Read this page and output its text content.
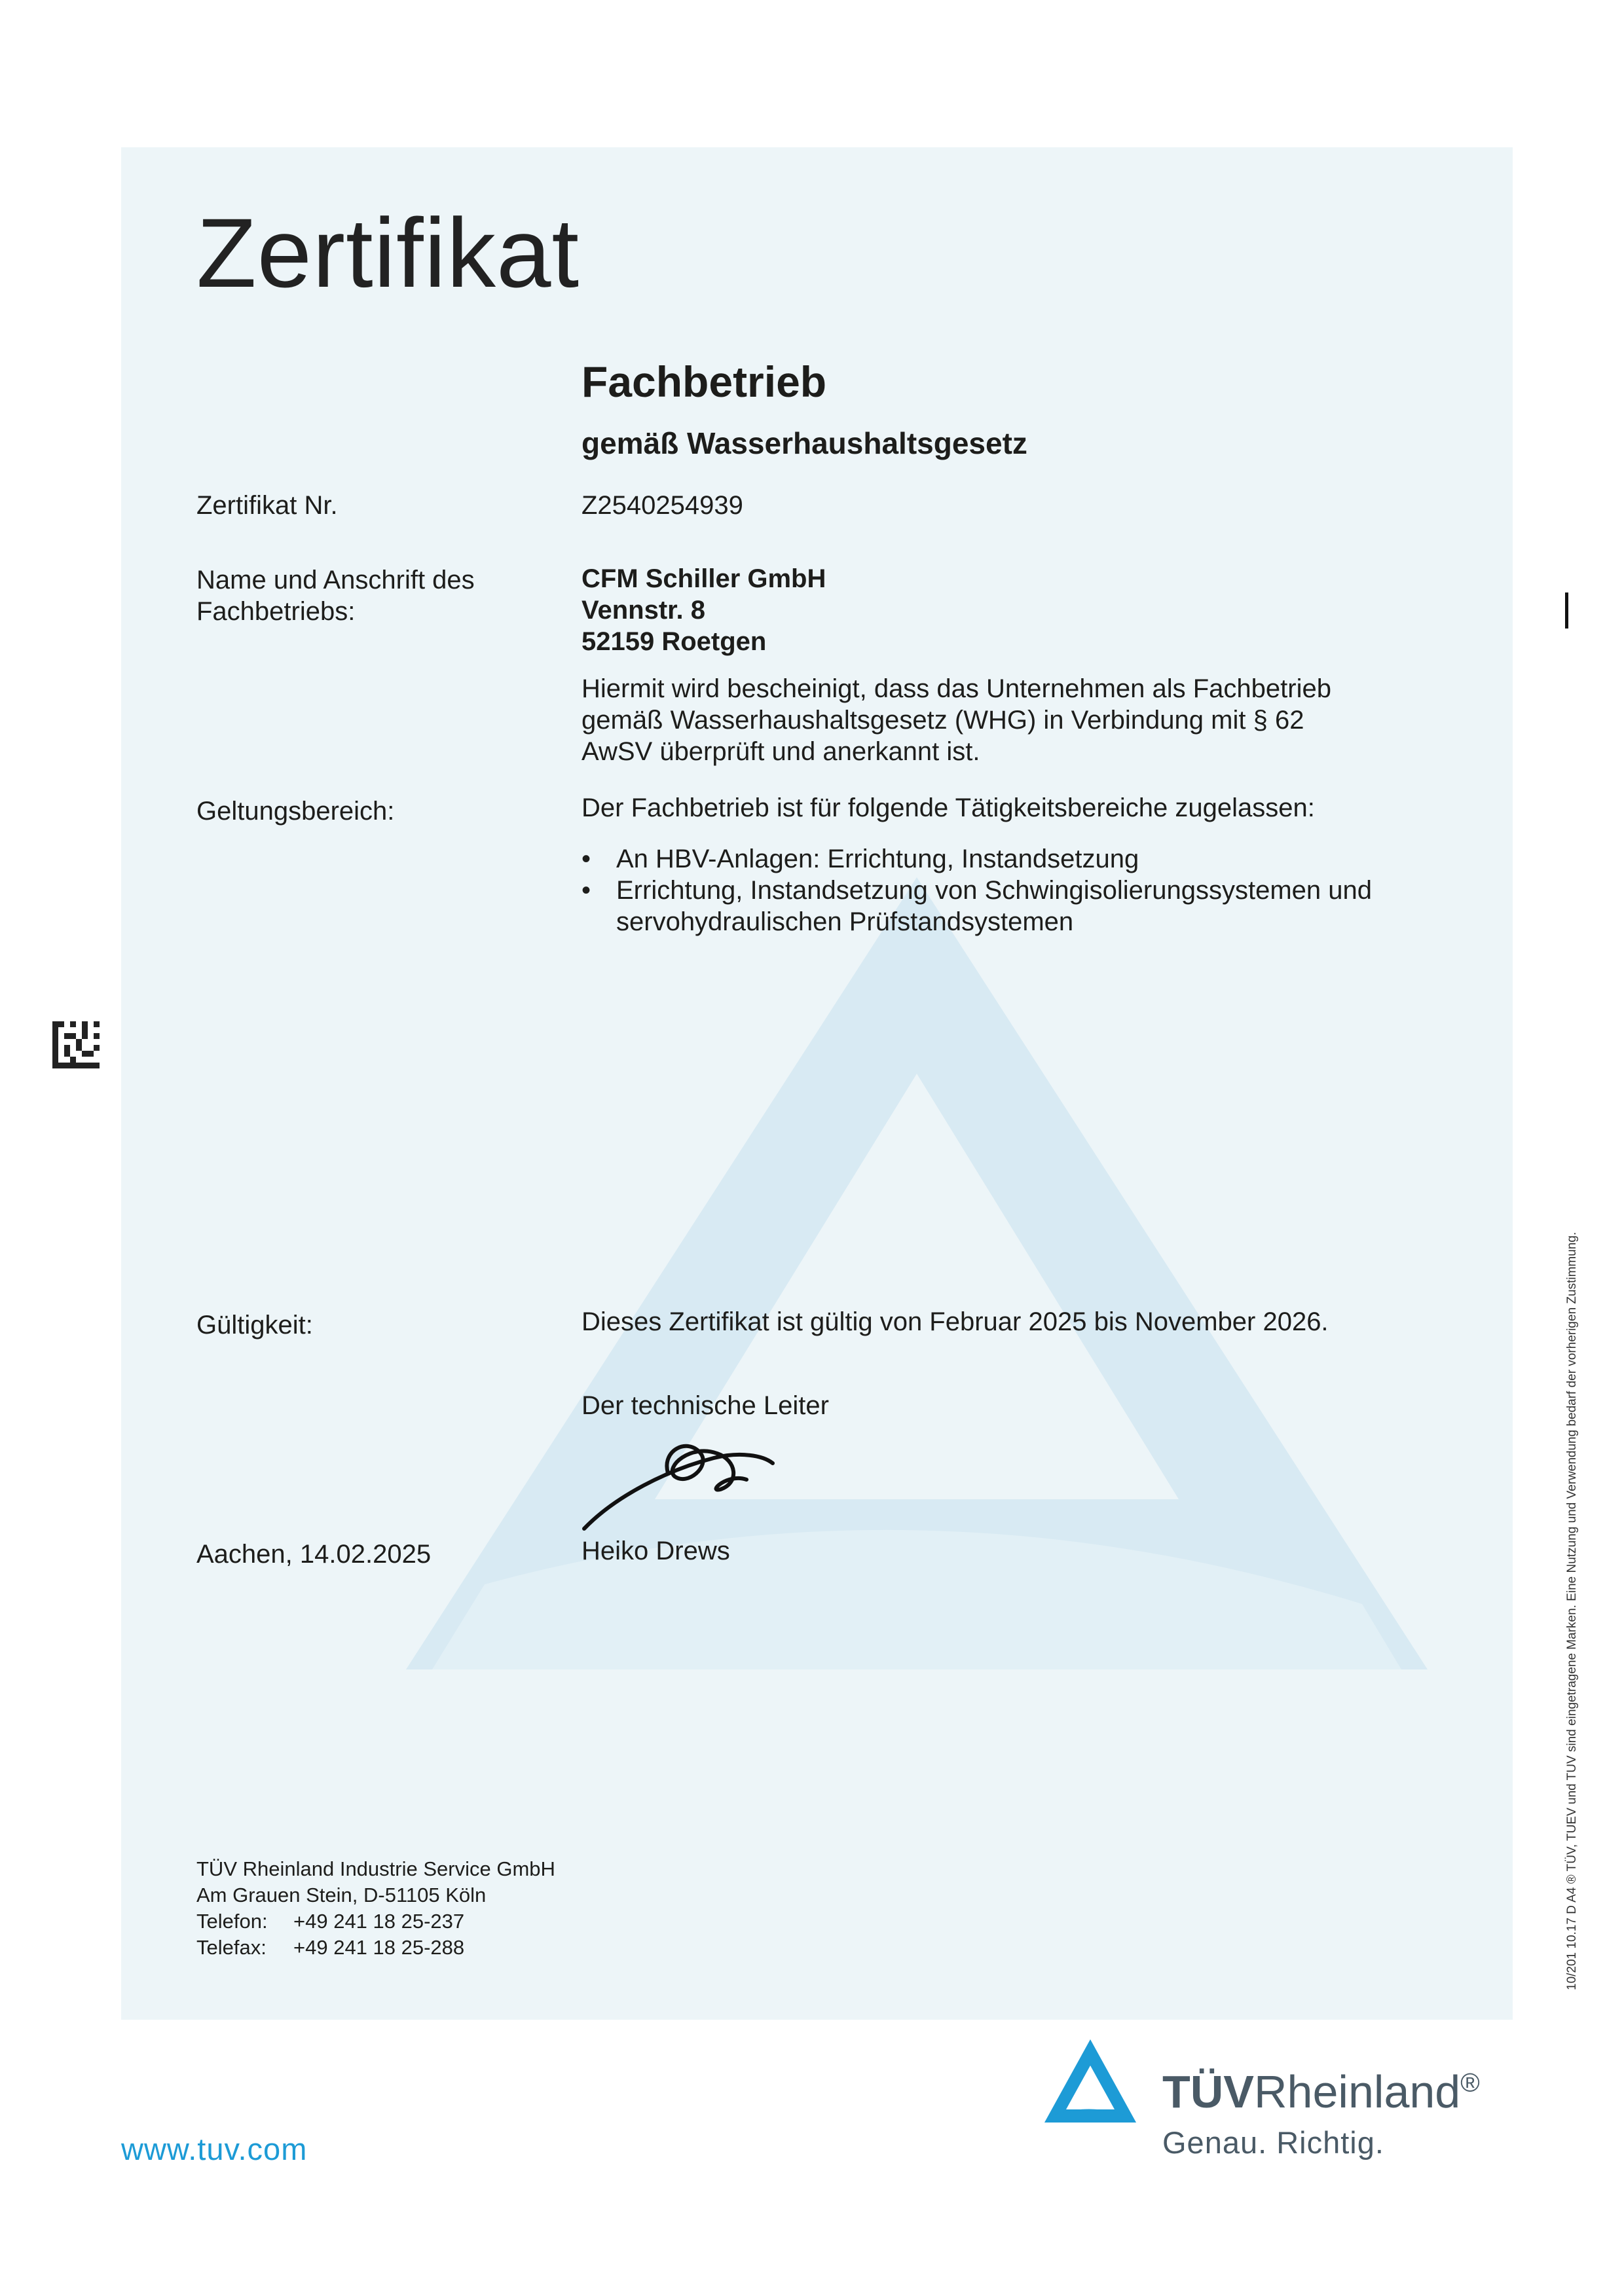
Zertifikat
Fachbetrieb
gemäß Wasserhaushaltsgesetz
Zertifikat Nr.	Z2540254939
Name und Anschrift des
Fachbetriebs:
CFM Schiller GmbH
Vennstr. 8
52159 Roetgen
Hiermit wird bescheinigt, dass das Unternehmen als Fachbetrieb
gemäß Wasserhaushaltsgesetz (WHG) in Verbindung mit § 62
AwSV überprüft und anerkannt ist.
Geltungsbereich:	Der Fachbetrieb ist für folgende Tätigkeitsbereiche zugelassen:
• An HBV-Anlagen: Errichtung, Instandsetzung
• Errichtung, Instandsetzung von Schwingisolierungssystemen und
servohydraulischen Prüfstandsystemen
Gültigkeit:	Dieses Zertifikat ist gültig von Februar 2025 bis November 2026.
Der technische Leiter
Aachen, 14.02.2025	Heiko Drews
TÜV Rheinland Industrie Service GmbH
Am Grauen Stein, D-51105 Köln
Telefon:	+49 241 18 25-237
Telefax:	+49 241 18 25-288	10/201 10.17 D A4 ® TÜV, TUEV und TUV sind eingetragene Marken. Eine Nutzung und Verwendung bedarf der vorherigen Zustimmung.
www.tuv.com
TÜVRheinland®
Genau. Richtig.
